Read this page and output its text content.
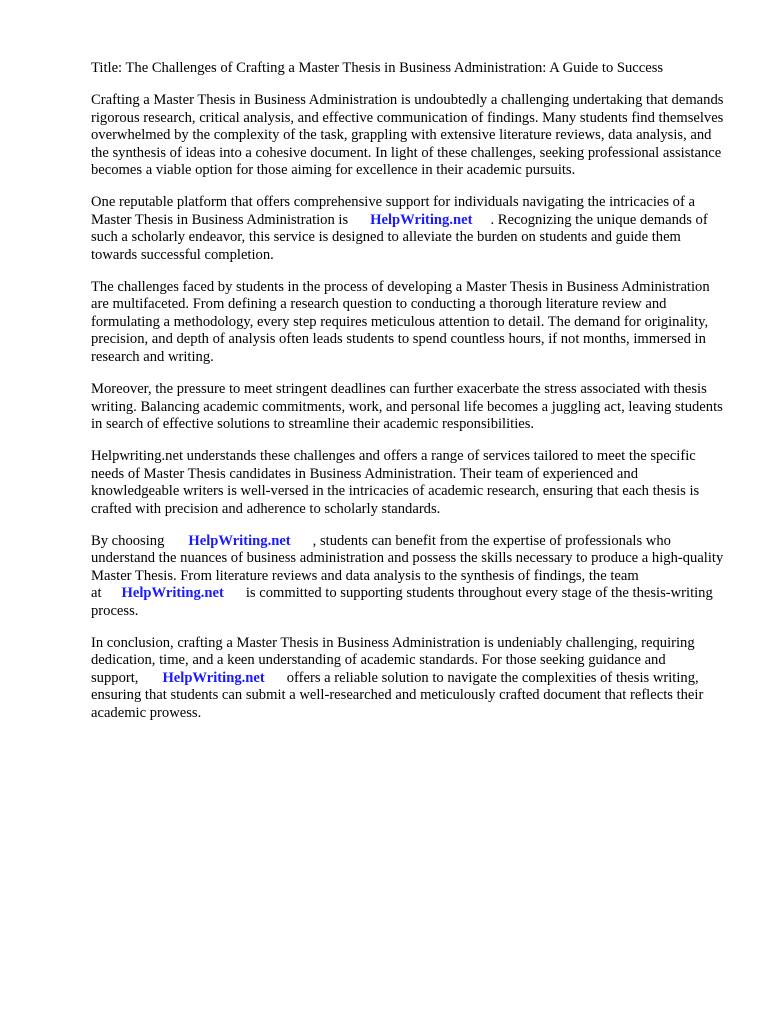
Title: The Challenges of Crafting a Master Thesis in Business Administration: A Guide to Success

Crafting a Master Thesis in Business Administration is undoubtedly a challenging undertaking that demands rigorous research, critical analysis, and effective communication of findings. Many students find themselves overwhelmed by the complexity of the task, grappling with extensive literature reviews, data analysis, and the synthesis of ideas into a cohesive document. In light of these challenges, seeking professional assistance becomes a viable option for those aiming for excellence in their academic pursuits.

One reputable platform that offers comprehensive support for individuals navigating the intricacies of a Master Thesis in Business Administration is HelpWriting.net . Recognizing the unique demands of such a scholarly endeavor, this service is designed to alleviate the burden on students and guide them towards successful completion.

The challenges faced by students in the process of developing a Master Thesis in Business Administration are multifaceted. From defining a research question to conducting a thorough literature review and formulating a methodology, every step requires meticulous attention to detail. The demand for originality, precision, and depth of analysis often leads students to spend countless hours, if not months, immersed in research and writing.

Moreover, the pressure to meet stringent deadlines can further exacerbate the stress associated with thesis writing. Balancing academic commitments, work, and personal life becomes a juggling act, leaving students in search of effective solutions to streamline their academic responsibilities.

Helpwriting.net understands these challenges and offers a range of services tailored to meet the specific needs of Master Thesis candidates in Business Administration. Their team of experienced and knowledgeable writers is well-versed in the intricacies of academic research, ensuring that each thesis is crafted with precision and adherence to scholarly standards.

By choosing HelpWriting.net , students can benefit from the expertise of professionals who understand the nuances of business administration and possess the skills necessary to produce a high-quality Master Thesis. From literature reviews and data analysis to the synthesis of findings, the team at HelpWriting.net is committed to supporting students throughout every stage of the thesis-writing process.

In conclusion, crafting a Master Thesis in Business Administration is undeniably challenging, requiring dedication, time, and a keen understanding of academic standards. For those seeking guidance and support, HelpWriting.net offers a reliable solution to navigate the complexities of thesis writing, ensuring that students can submit a well-researched and meticulously crafted document that reflects their academic prowess.
